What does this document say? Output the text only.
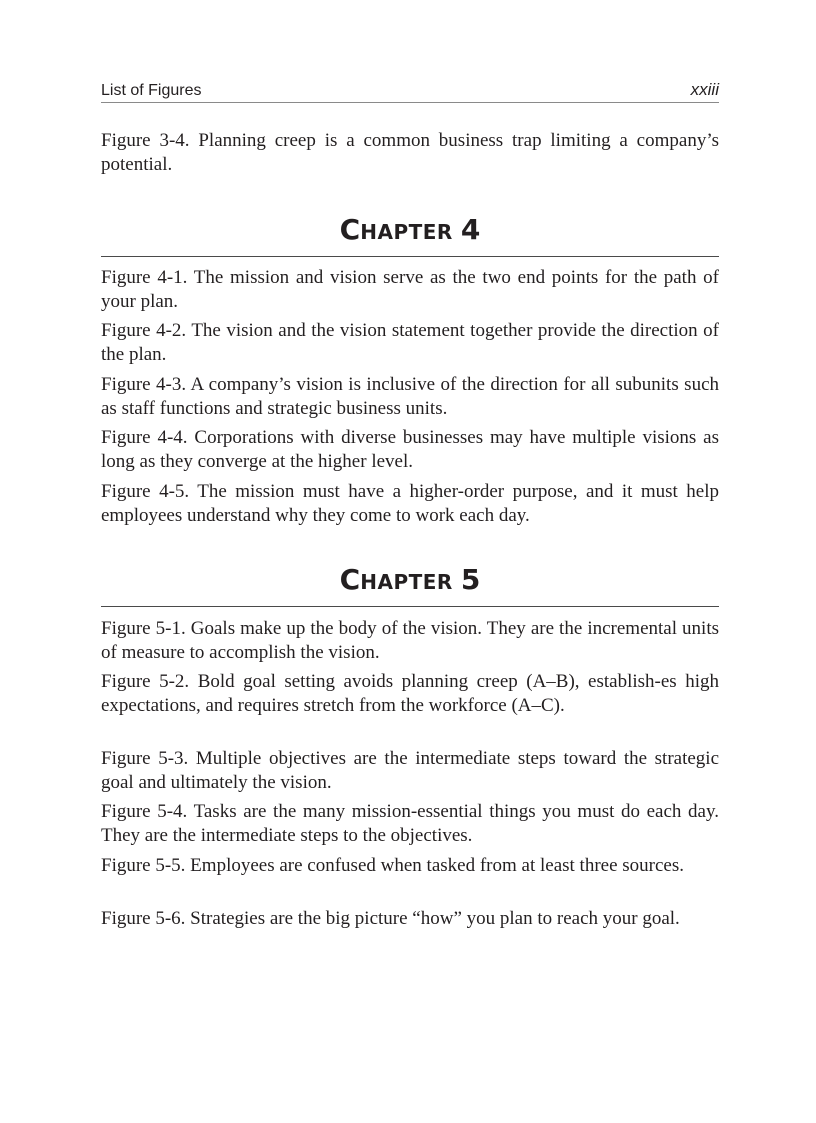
List of Figures	xxiii

Figure 3-4. Planning creep is a common business trap limiting a company’s potential.

CHAPTER 4

Figure 4-1. The mission and vision serve as the two end points for the path of your plan.

Figure 4-2. The vision and the vision statement together provide the direction of the plan.

Figure 4-3. A company’s vision is inclusive of the direction for all subunits such as staff functions and strategic business units.

Figure 4-4. Corporations with diverse businesses may have multiple visions as long as they converge at the higher level.

Figure 4-5. The mission must have a higher-order purpose, and it must help employees understand why they come to work each day.

CHAPTER 5

Figure 5-1. Goals make up the body of the vision. They are the incremental units of measure to accomplish the vision.

Figure 5-2. Bold goal setting avoids planning creep (A–B), establish-es high expectations, and requires stretch from the workforce (A–C).

Figure 5-3. Multiple objectives are the intermediate steps toward the strategic goal and ultimately the vision.

Figure 5-4. Tasks are the many mission-essential things you must do each day. They are the intermediate steps to the objectives.

Figure 5-5. Employees are confused when tasked from at least three sources.

Figure 5-6. Strategies are the big picture “how” you plan to reach your goal.
